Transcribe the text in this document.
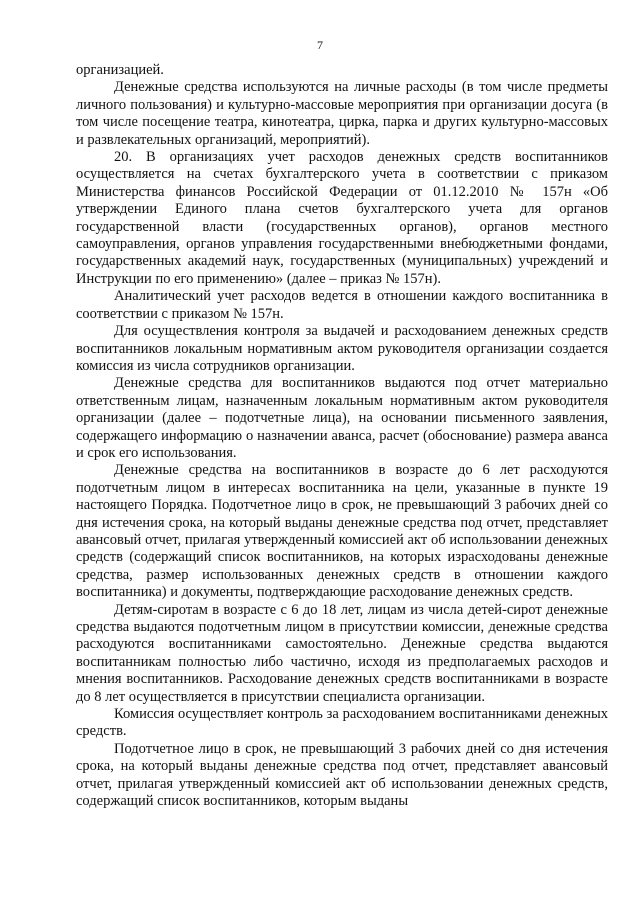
7

организацией.

Денежные средства используются на личные расходы (в том числе предметы личного пользования) и культурно-массовые мероприятия при организации досуга (в том числе посещение театра, кинотеатра, цирка, парка и других культурно-массовых и развлекательных организаций, мероприятий).

20. В организациях учет расходов денежных средств воспитанников осуществляется на счетах бухгалтерского учета в соответствии с приказом Министерства финансов Российской Федерации от 01.12.2010 № 157н «Об утверждении Единого плана счетов бухгалтерского учета для органов государственной власти (государственных органов), органов местного самоуправления, органов управления государственными внебюджетными фондами, государственных академий наук, государственных (муниципальных) учреждений и Инструкции по его применению» (далее – приказ № 157н).

Аналитический учет расходов ведется в отношении каждого воспитанника в соответствии с приказом № 157н.

Для осуществления контроля за выдачей и расходованием денежных средств воспитанников локальным нормативным актом руководителя организации создается комиссия из числа сотрудников организации.

Денежные средства для воспитанников выдаются под отчет материально ответственным лицам, назначенным локальным нормативным актом руководителя организации (далее – подотчетные лица), на основании письменного заявления, содержащего информацию о назначении аванса, расчет (обоснование) размера аванса и срок его использования.

Денежные средства на воспитанников в возрасте до 6 лет расходуются подотчетным лицом в интересах воспитанника на цели, указанные в пункте 19 настоящего Порядка. Подотчетное лицо в срок, не превышающий 3 рабочих дней со дня истечения срока, на который выданы денежные средства под отчет, представляет авансовый отчет, прилагая утвержденный комиссией акт об использовании денежных средств (содержащий список воспитанников, на которых израсходованы денежные средства, размер использованных денежных средств в отношении каждого воспитанника) и документы, подтверждающие расходование денежных средств.

Детям-сиротам в возрасте с 6 до 18 лет, лицам из числа детей-сирот денежные средства выдаются подотчетным лицом в присутствии комиссии, денежные средства расходуются воспитанниками самостоятельно. Денежные средства выдаются воспитанникам полностью либо частично, исходя из предполагаемых расходов и мнения воспитанников. Расходование денежных средств воспитанниками в возрасте до 8 лет осуществляется в присутствии специалиста организации.

Комиссия осуществляет контроль за расходованием воспитанниками денежных средств.

Подотчетное лицо в срок, не превышающий 3 рабочих дней со дня истечения срока, на который выданы денежные средства под отчет, представляет авансовый отчет, прилагая утвержденный комиссией акт об использовании денежных средств, содержащий список воспитанников, которым выданы
